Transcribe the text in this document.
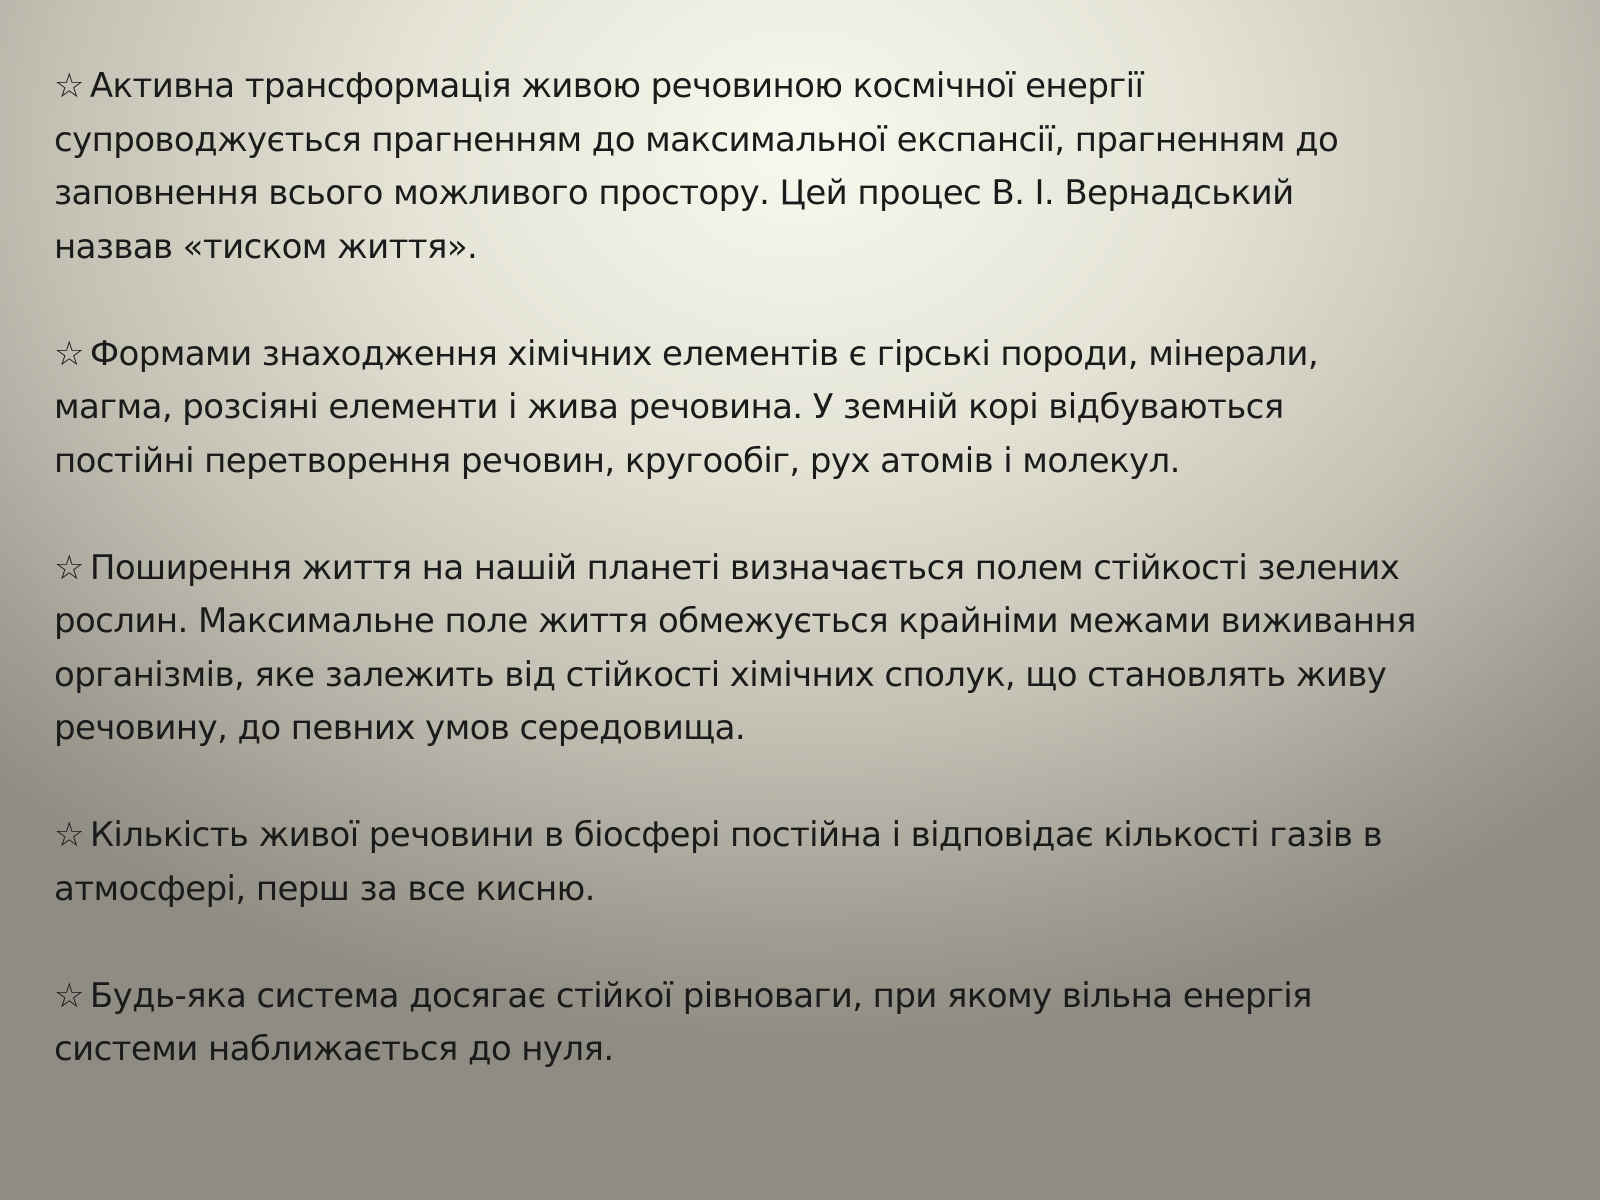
☆ Активна трансформація живою речовиною космічної енергії
супроводжується прагненням до максимальної експансії, прагненням до
заповнення всього можливого простору. Цей процес В. І. Вернадський
назвав «тиском життя».

☆ Формами знаходження хімічних елементів є гірські породи, мінерали,
магма, розсіяні елементи і жива речовина. У земній корі відбуваються
постійні перетворення речовин, кругообіг, рух атомів і молекул.

☆ Поширення життя на нашій планеті визначається полем стійкості зелених
рослин. Максимальне поле життя обмежується крайніми межами виживання
організмів, яке залежить від стійкості хімічних сполук, що становлять живу
речовину, до певних умов середовища.

☆ Кількість живої речовини в біосфері постійна і відповідає кількості газів в
атмосфері, перш за все кисню.

☆ Будь-яка система досягає стійкої рівноваги, при якому вільна енергія
системи наближається до нуля.
